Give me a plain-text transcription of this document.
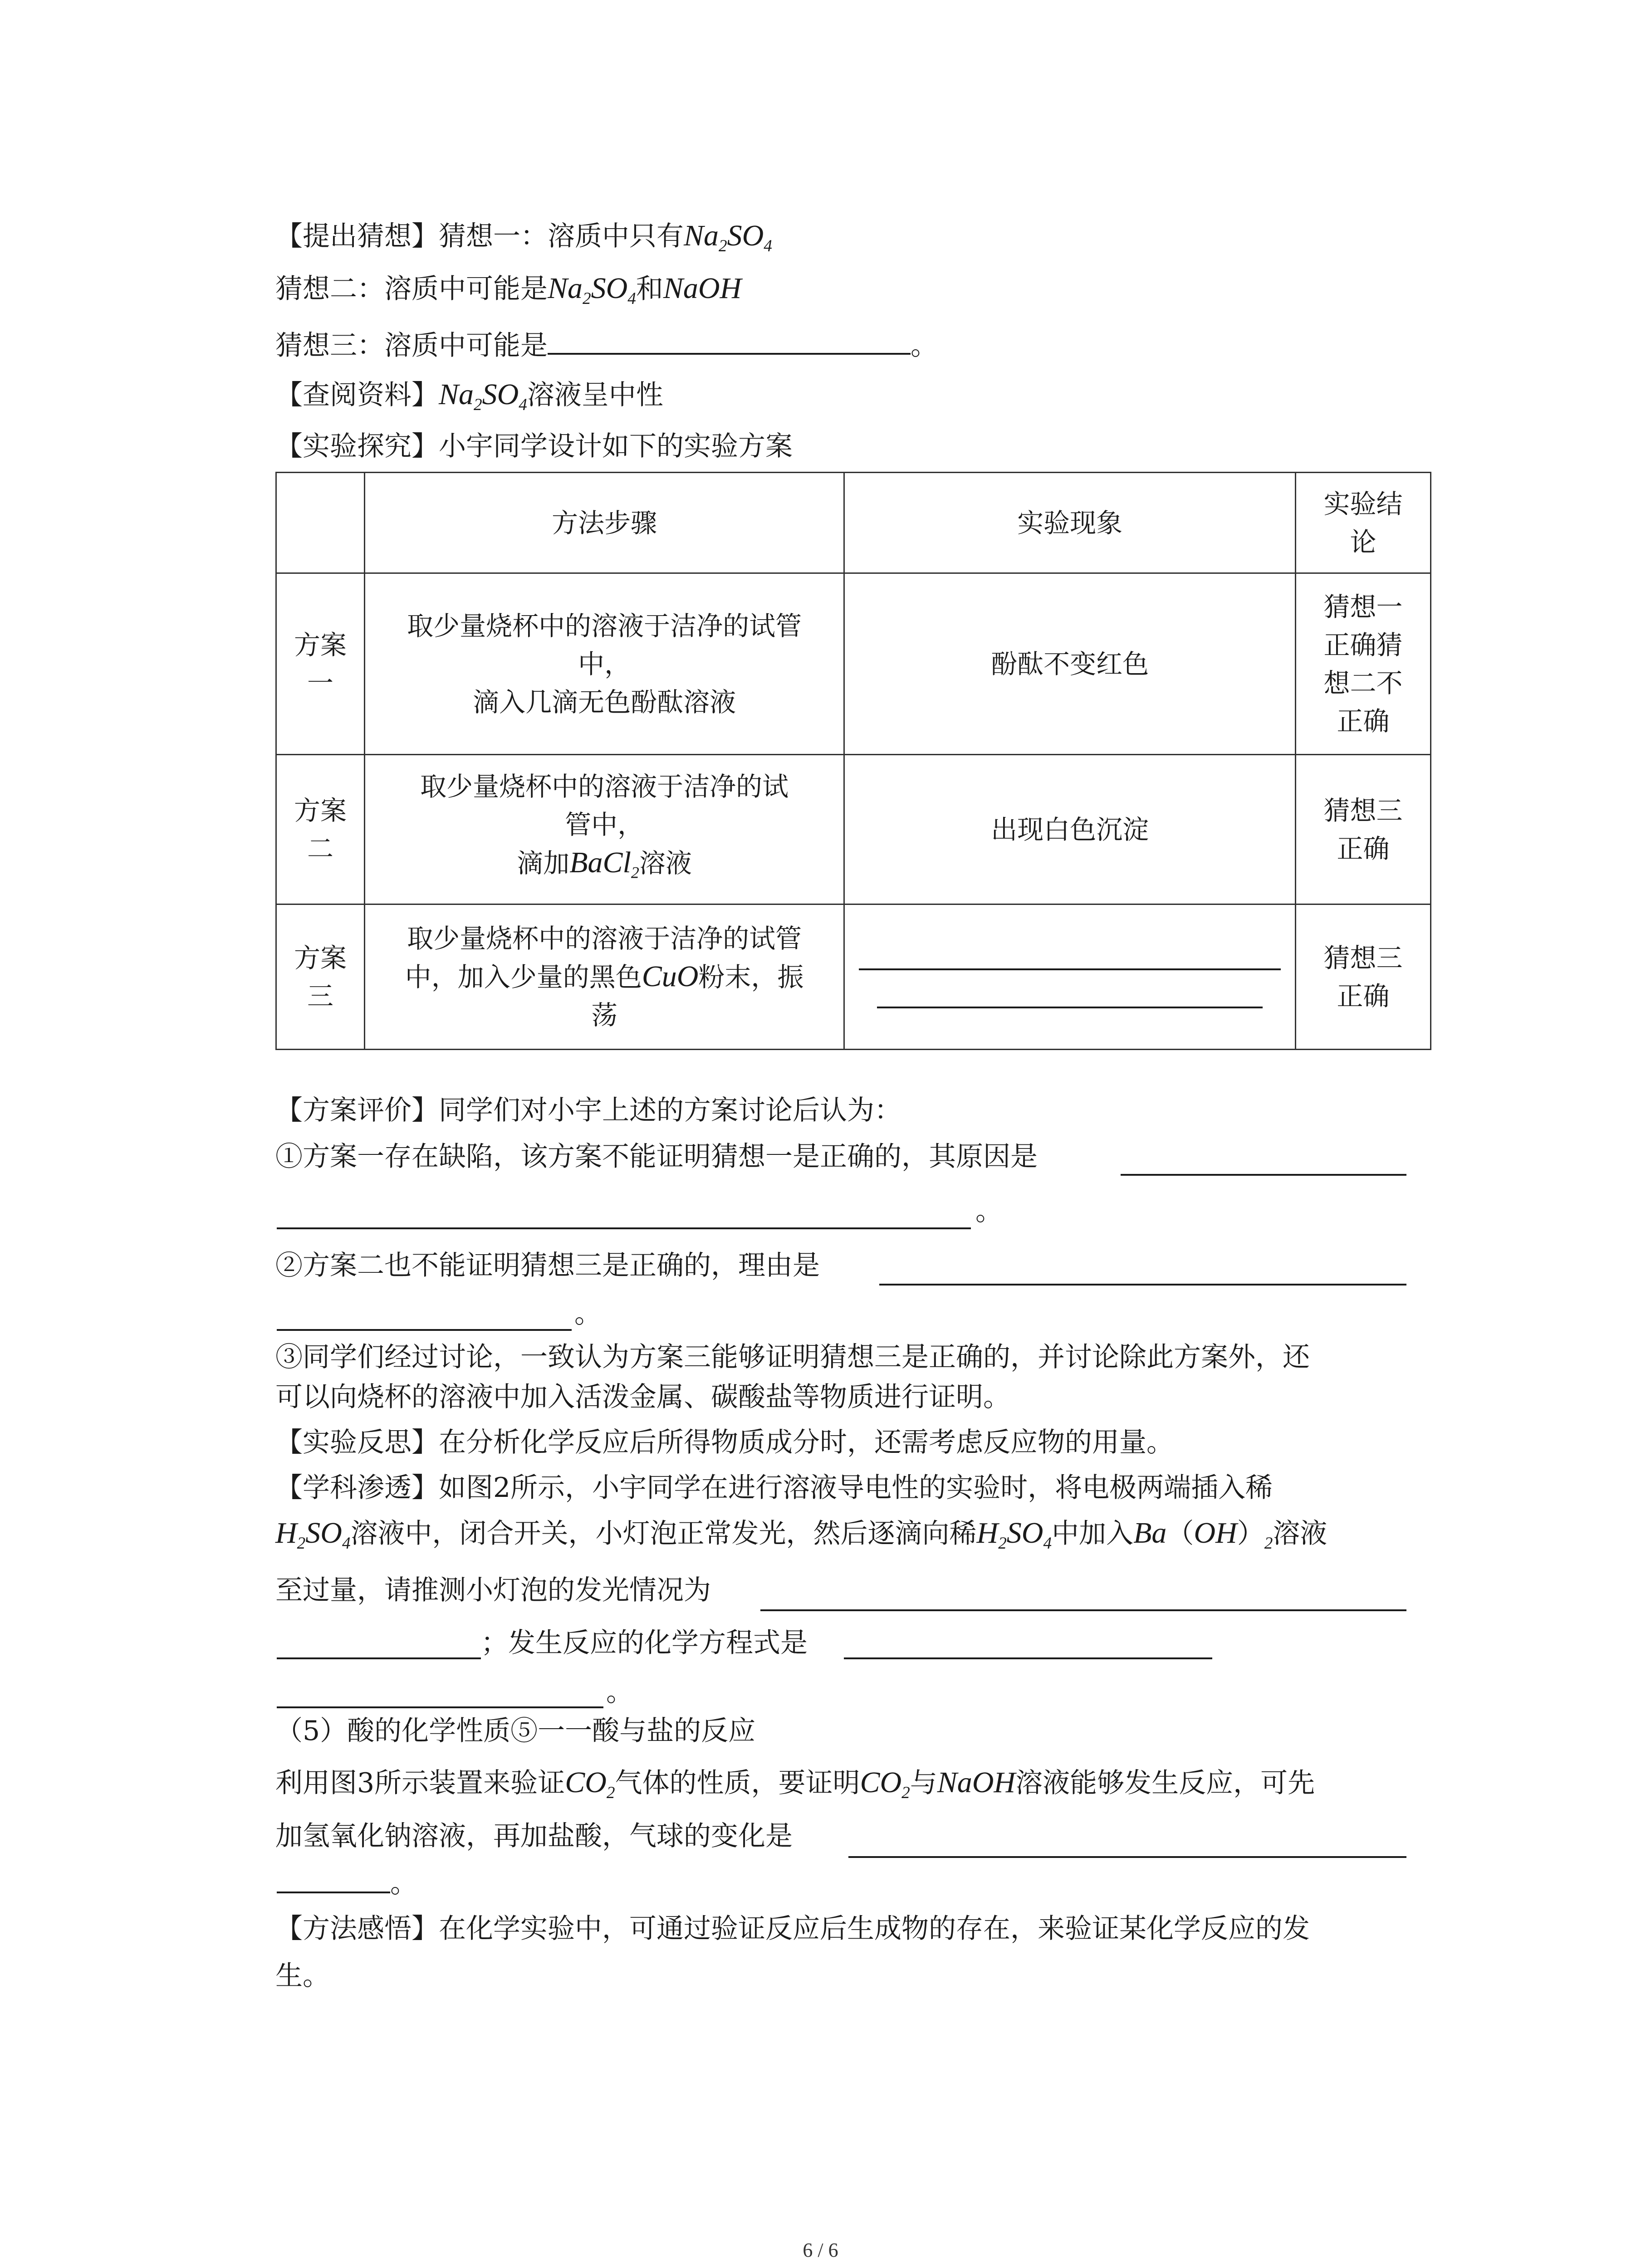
【提出猜想】猜想一：溶质中只有$Na_2SO_4$
猜想二：溶质中可能是$Na_2SO_4$和NaOH
猜想三：溶质中可能是	。
【查阅资料】$Na_2SO_4$溶液呈中性
【实验探究】小宇同学设计如下的实验方案
	方法步骤	实验现象	实验结论

方案一	取少量烧杯中的溶液于洁净的试管
中，
滴入几滴无色酚酞溶液	酚酞不变红色	猜想一正确猜想二不正确

方案二	取少量烧杯中的溶液于洁净的试
管中，
滴加BaCl$_2$溶液	出现白色沉淀	猜想三正确

方案三	取少量烧杯中的溶液于洁净的试管
中，加入少量的黑色CuO粉末，振
荡		猜想三正确
【方案评价】同学们对小宇上述的方案讨论后认为：
①方案一存在缺陷，该方案不能证明猜想一是正确的，其原因是
。
②方案二也不能证明猜想三是正确的，理由是
。
③同学们经过讨论，一致认为方案三能够证明猜想三是正确的，并讨论除此方案外，还
可以向烧杯的溶液中加入活泼金属、碳酸盐等物质进行证明。
【实验反思】在分析化学反应后所得物质成分时，还需考虑反应物的用量。
【学科渗透】如图2所示，小宇同学在进行溶液导电性的实验时，将电极两端插入稀
$H_2SO_4$溶液中，闭合开关，小灯泡正常发光，然后逐滴向稀$H_2SO_4$中加入$Ba(OH)_2$溶液
至过量，请推测小灯泡的发光情况为
；发生反应的化学方程式是
。
（5）酸的化学性质⑤一一酸与盐的反应
利用图3所示装置来验证$CO_2$气体的性质，要证明$CO_2$与NaOH溶液能够发生反应，可先
加氢氧化钠溶液，再加盐酸，气球的变化是
。
【方法感悟】在化学实验中，可通过验证反应后生成物的存在，来验证某化学反应的发
生。
6 / 6
